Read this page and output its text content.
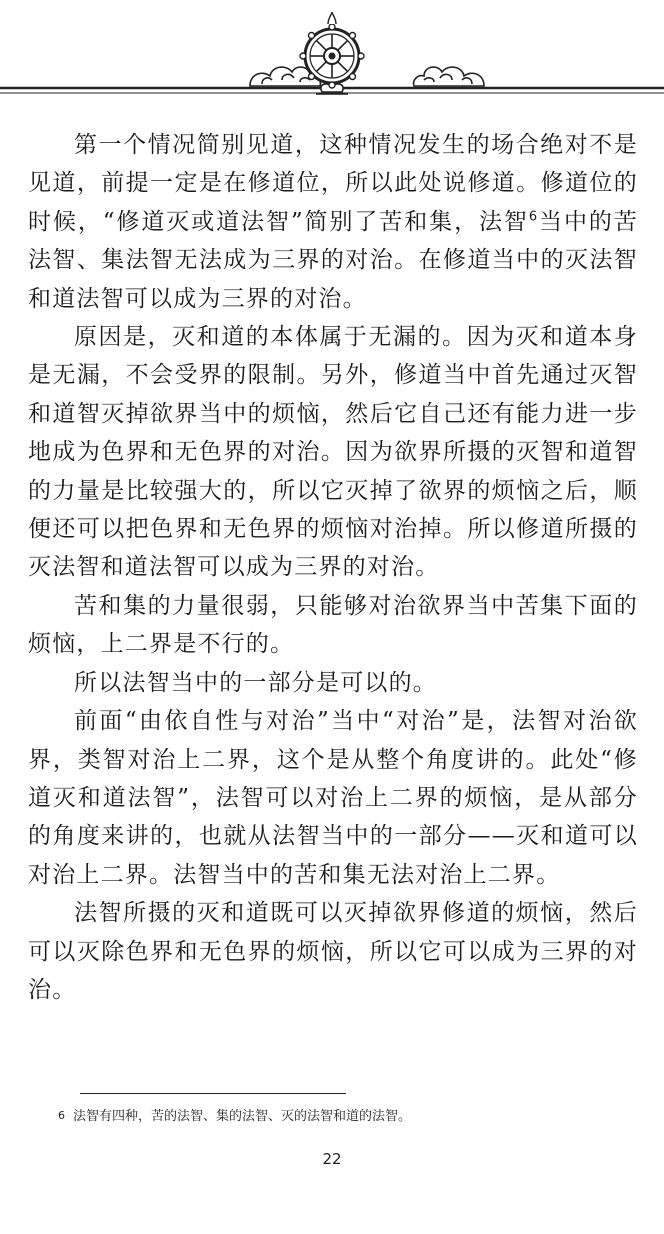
第一个情况简别见道，这种情况发生的场合绝对不是见道，前提一定是在修道位，所以此处说修道。修道位的时候，“修道灭或道法智”简别了苦和集，法智$^6$当中的苦法智、集法智无法成为三界的对治。在修道当中的灭法智和道法智可以成为三界的对治。

原因是，灭和道的本体属于无漏的。因为灭和道本身是无漏，不会受界的限制。另外，修道当中首先通过灭智和道智灭掉欲界当中的烦恼，然后它自己还有能力进一步地成为色界和无色界的对治。因为欲界所摄的灭智和道智的力量是比较强大的，所以它灭掉了欲界的烦恼之后，顺便还可以把色界和无色界的烦恼对治掉。所以修道所摄的灭法智和道法智可以成为三界的对治。

苦和集的力量很弱，只能够对治欲界当中苦集下面的烦恼，上二界是不行的。

所以法智当中的一部分是可以的。

前面“由依自性与对治”当中“对治”是，法智对治欲界，类智对治上二界，这个是从整个角度讲的。此处“修道灭和道法智”，法智可以对治上二界的烦恼，是从部分的角度来讲的，也就从法智当中的一部分——灭和道可以对治上二界。法智当中的苦和集无法对治上二界。

法智所摄的灭和道既可以灭掉欲界修道的烦恼，然后可以灭除色界和无色界的烦恼，所以它可以成为三界的对治。

6 法智有四种，苦的法智、集的法智、灭的法智和道的法智。
22
